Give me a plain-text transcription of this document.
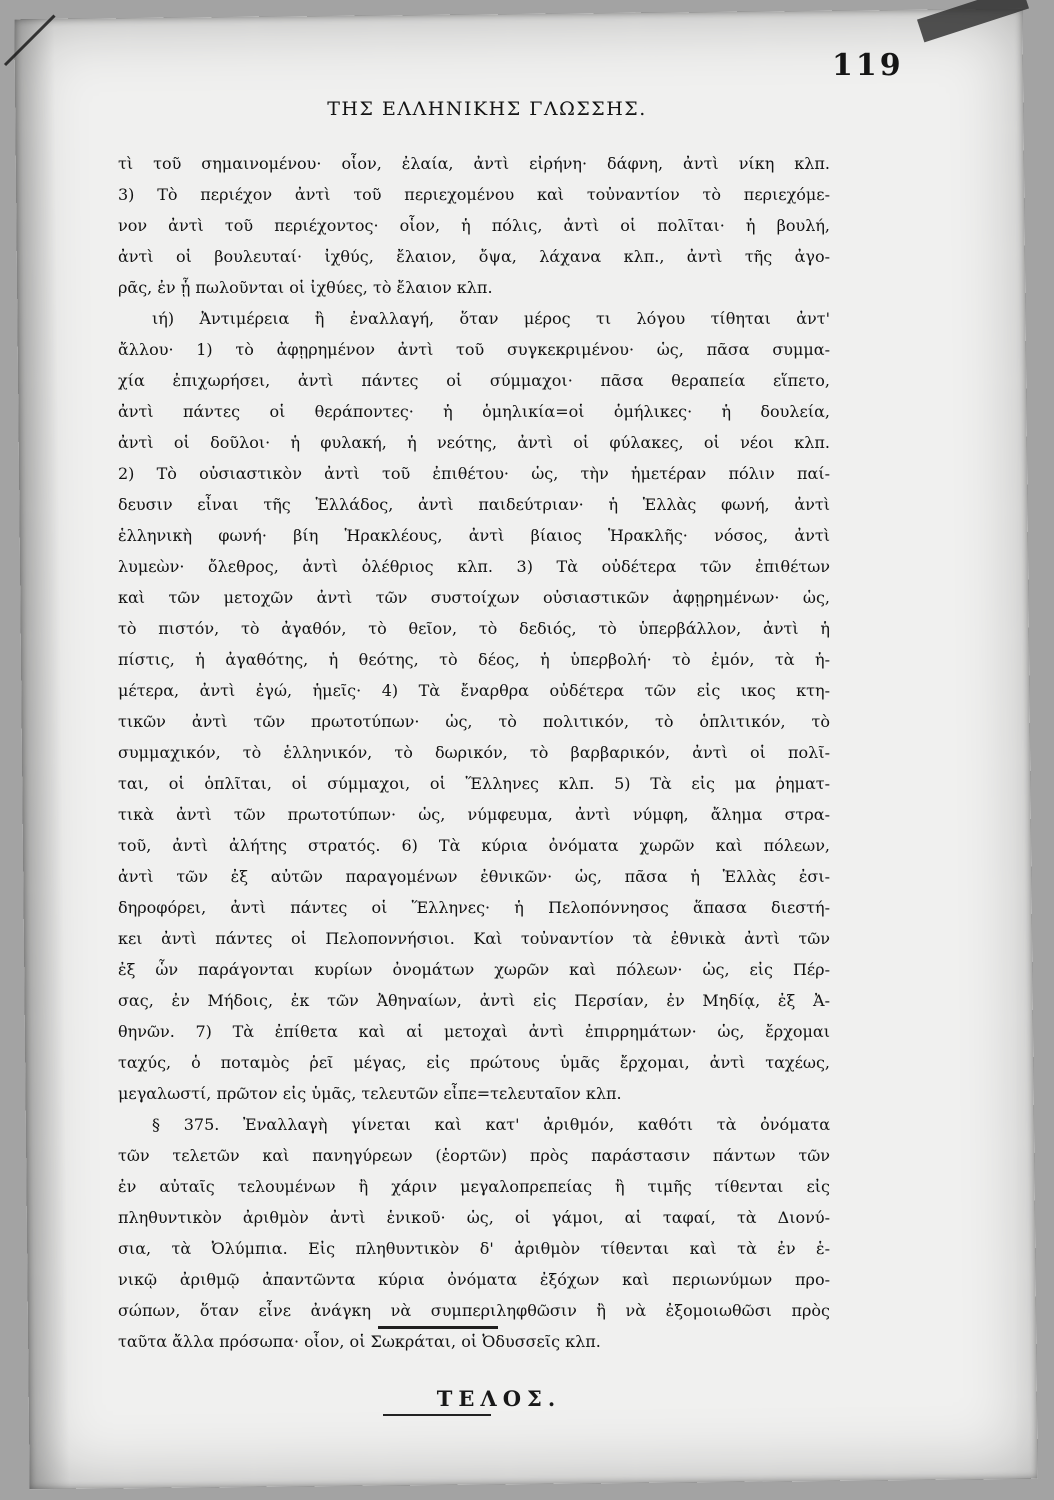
119
ΤΗΣ ΕΛΛΗΝΙΚΗΣ ΓΛΩΣΣΗΣ.
τὶ τοῦ σημαινομένου· οἷον, ἐλαία, ἀντὶ εἰρήνη· δάφνη, ἀντὶ νίκη κλπ.
3) Τὸ περιέχον ἀντὶ τοῦ περιεχομένου καὶ τοὐναντίον τὸ περιεχόμε-
νον ἀντὶ τοῦ περιέχοντος· οἷον, ἡ πόλις, ἀντὶ οἱ πολῖται· ἡ βουλή,
ἀντὶ οἱ βουλευταί· ἰχθύς, ἔλαιον, ὄψα, λάχανα κλπ., ἀντὶ τῆς ἀγο-
ρᾶς, ἐν ᾗ πωλοῦνται οἱ ἰχθύες, τὸ ἔλαιον κλπ.
ιή) Ἀντιμέρεια ἢ ἐναλλαγή, ὅταν μέρος τι λόγου τίθηται ἀντ'
ἄλλου· 1) τὸ ἀφῃρημένον ἀντὶ τοῦ συγκεκριμένου· ὡς, πᾶσα συμμα-
χία ἐπιχωρήσει, ἀντὶ πάντες οἱ σύμμαχοι· πᾶσα θεραπεία εἵπετο,
ἀντὶ πάντες οἱ θεράποντες· ἡ ὁμηλικία=οἱ ὁμήλικες· ἡ δουλεία,
ἀντὶ οἱ δοῦλοι· ἡ φυλακή, ἡ νεότης, ἀντὶ οἱ φύλακες, οἱ νέοι κλπ.
2) Τὸ οὐσιαστικὸν ἀντὶ τοῦ ἐπιθέτου· ὡς, τὴν ἡμετέραν πόλιν παί-
δευσιν εἶναι τῆς Ἑλλάδος, ἀντὶ παιδεύτριαν· ἡ Ἑλλὰς φωνή, ἀντὶ
ἑλληνικὴ φωνή· βίη Ἡρακλέους, ἀντὶ βίαιος Ἡρακλῆς· νόσος, ἀντὶ
λυμεὼν· ὄλεθρος, ἀντὶ ὀλέθριος κλπ. 3) Τὰ οὐδέτερα τῶν ἐπιθέτων
καὶ τῶν μετοχῶν ἀντὶ τῶν συστοίχων οὐσιαστικῶν ἀφῃρημένων· ὡς,
τὸ πιστόν, τὸ ἀγαθόν, τὸ θεῖον, τὸ δεδιός, τὸ ὑπερβάλλον, ἀντὶ ἡ
πίστις, ἡ ἀγαθότης, ἡ θεότης, τὸ δέος, ἡ ὑπερβολή· τὸ ἐμόν, τὰ ἡ-
μέτερα, ἀντὶ ἐγώ, ἡμεῖς· 4) Τὰ ἔναρθρα οὐδέτερα τῶν εἰς ικος κτη-
τικῶν ἀντὶ τῶν πρωτοτύπων· ὡς, τὸ πολιτικόν, τὸ ὁπλιτικόν, τὸ
συμμαχικόν, τὸ ἑλληνικόν, τὸ δωρικόν, τὸ βαρβαρικόν, ἀντὶ οἱ πολῖ-
ται, οἱ ὁπλῖται, οἱ σύμμαχοι, οἱ Ἕλληνες κλπ. 5) Τὰ εἰς μα ῥηματ-
τικὰ ἀντὶ τῶν πρωτοτύπων· ὡς, νύμφευμα, ἀντὶ νύμφη, ἄλημα στρα-
τοῦ, ἀντὶ ἀλήτης στρατός. 6) Τὰ κύρια ὀνόματα χωρῶν καὶ πόλεων,
ἀντὶ τῶν ἐξ αὐτῶν παραγομένων ἐθνικῶν· ὡς, πᾶσα ἡ Ἑλλὰς ἐσι-
δηροφόρει, ἀντὶ πάντες οἱ Ἕλληνες· ἡ Πελοπόννησος ἅπασα διεστή-
κει ἀντὶ πάντες οἱ Πελοποννήσιοι. Καὶ τοὐναντίον τὰ ἐθνικὰ ἀντὶ τῶν
ἐξ ὧν παράγονται κυρίων ὀνομάτων χωρῶν καὶ πόλεων· ὡς, εἰς Πέρ-
σας, ἐν Μήδοις, ἐκ τῶν Ἀθηναίων, ἀντὶ εἰς Περσίαν, ἐν Μηδίᾳ, ἐξ Ἀ-
θηνῶν. 7) Τὰ ἐπίθετα καὶ αἱ μετοχαὶ ἀντὶ ἐπιρρημάτων· ὡς, ἔρχομαι
ταχύς, ὁ ποταμὸς ῥεῖ μέγας, εἰς πρώτους ὑμᾶς ἔρχομαι, ἀντὶ ταχέως,
μεγαλωστί, πρῶτον εἰς ὑμᾶς, τελευτῶν εἶπε=τελευταῖον κλπ.
§ 375. Ἐναλλαγὴ γίνεται καὶ κατ' ἀριθμόν, καθότι τὰ ὀνόματα
τῶν τελετῶν καὶ πανηγύρεων (ἑορτῶν) πρὸς παράστασιν πάντων τῶν
ἐν αὐταῖς τελουμένων ἢ χάριν μεγαλοπρεπείας ἢ τιμῆς τίθενται εἰς
πληθυντικὸν ἀριθμὸν ἀντὶ ἑνικοῦ· ὡς, οἱ γάμοι, αἱ ταφαί, τὰ Διονύ-
σια, τὰ Ὀλύμπια. Εἰς πληθυντικὸν δ' ἀριθμὸν τίθενται καὶ τὰ ἐν ἑ-
νικῷ ἀριθμῷ ἀπαντῶντα κύρια ὀνόματα ἐξόχων καὶ περιωνύμων προ-
σώπων, ὅταν εἶνε ἀνάγκη νὰ συμπεριληφθῶσιν ἢ νὰ ἐξομοιωθῶσι πρὸς
ταῦτα ἄλλα πρόσωπα· οἷον, οἱ Σωκράται, οἱ Ὀδυσσεῖς κλπ.
ΤΕΛΟΣ.
